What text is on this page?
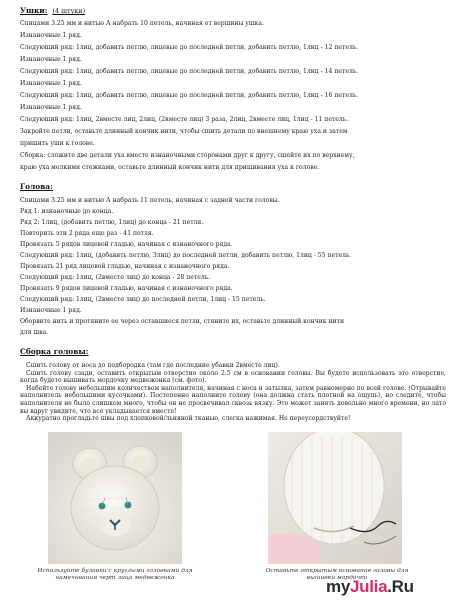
Ушки: (4 штуки)
Спицами 3.25 мм и нитью А набрать 10 петель, начиная от вершины ушка.
Изнаночные 1 ряд.
Следующий ряд: 1лиц, добавить петлю, лицевые до последней петли, добавить петлю, 1лиц - 12 петель.
Изнаночные 1 ряд.
Следующий ряд: 1лиц, добавить петлю, лицевые до последней петли, добавить петлю, 1лиц - 14 петель.
Изнаночные 1 ряд.
Следующий ряд: 1лиц, добавить петлю, лицевые до последней петли, добавить петлю, 1лиц - 16 петель.
Изнаночные 1 ряд.
Следующий ряд: 1лиц, 2вместе лиц, 2лиц, (2вместе лиц) 3 раза, 2лиц, 2вместе лиц, 1лиц - 11 петель.
Закройте петли, оставьте длинный кончик нити, чтобы сшить детали по внешнему краю уха и затем
пришить уши к голове.
Сборка: сложите две детали уха вместе изнаночными сторонами друг к другу, сшейте их по верхнему,
краю уха мелкими стежками, оставьте длинный кончик нити для пришивания уха к голове.
Голова:
Спицами 3.25 мм и нитью А набрать 11 петель, начиная с задней части головы.
Ряд 1: изнаночные до конца.
Ряд 2: 1лиц, (добавить петлю, 1лиц) до конца - 21 петля.
Повторить эти 2 ряда еще раз - 41 петля.
Провязать 5 рядов лицевой гладью, начиная с изнаночного ряда.
Следующий ряд: 1лиц, (добавить петлю, 3лиц) до последней петли, добавить петлю, 1лиц - 55 петель.
Провязать 21 ряд лицевой гладью, начиная с изнаночного ряда.
Следующий ряд: 1лиц, (2вместе лиц) до конца - 28 петель.
Провязать 9 рядов лицевой гладью, начиная с изнаночного ряда.
Следующий ряд: 1лиц, (2вместе лиц) до последней петли, 1лиц - 15 петель.
Изнаночные 1 ряд.
Оборвите нить и протяните ее через оставшиеся петли, стяните их, оставьте длинный кончик нити
для шва.
Сборка головы:

Сшить голову от носа до подбородка (там где последние убавки 2вместе лиц).

Сшить голову сзади, оставить открытым отверстие около 2.5 см в основании головы. Вы будете использовать это отверстие, когда будете вышивать мордочку медвежонка (см. фото).

Набейте голову небольшим количеством наполнителя, начиная с носа и затылка, затем равномерно по всей голове. (Отрывайте наполнитель небольшими кусочками). Постепенно наполните голову (она должна стать плотной на ощупь), но следите, чтобы наполнителя не было слишком много, чтобы он не просвечивал сквозь вязку. Это может занять довольно много времени, но лато вы вдруг увидите, что все укладывается вместе!

Аккуратно прогладьте швы под хлопковой/льняной тканью, слегка нажимая. Не переусердствуйте!

Используйте булавки с круглыми головками для намечивания черт лица медвежонка
Оставьте открытым основание головы для вышивки мордочки
myJulia.Ru
